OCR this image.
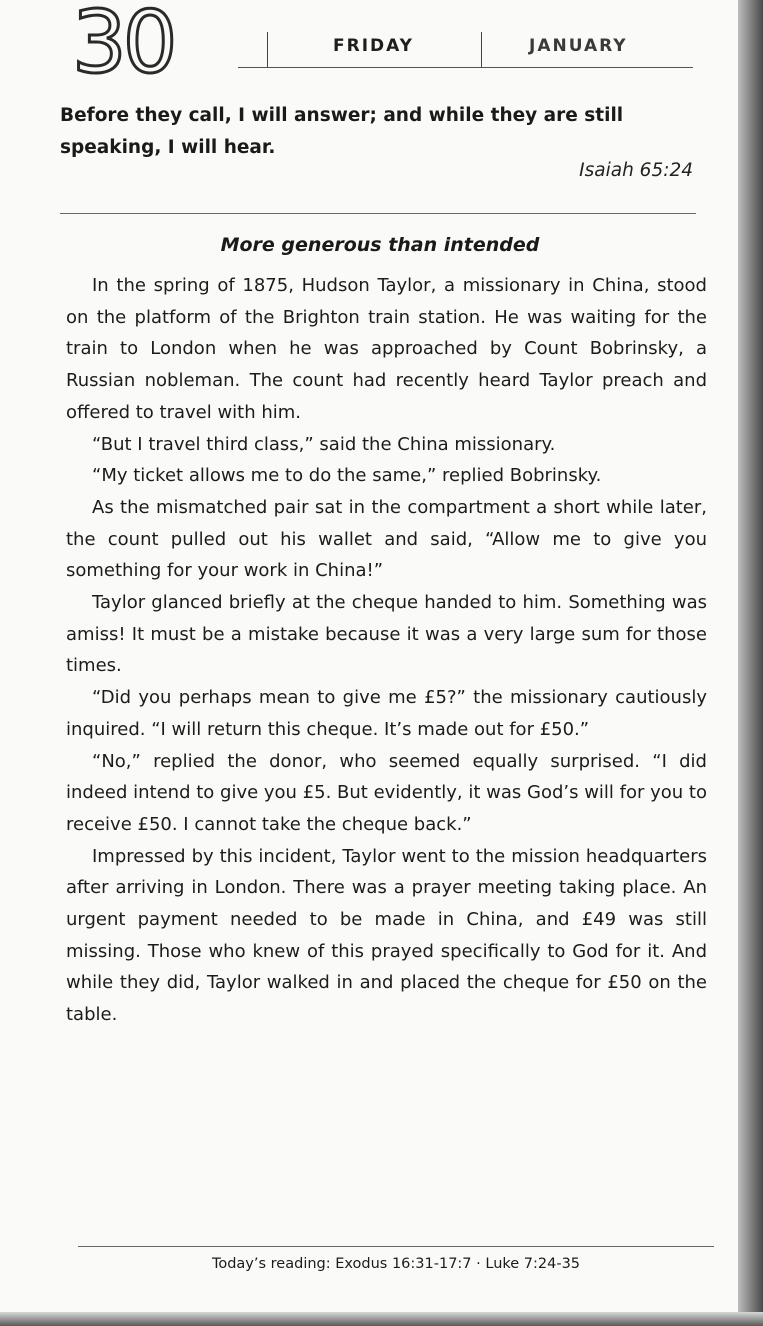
30	FRIDAY	JANUARY
Before they call, I will answer; and while they are still speaking, I will hear.
Isaiah 65:24
More generous than intended

In the spring of 1875, Hudson Taylor, a missionary in China, stood on the platform of the Brighton train station. He was waiting for the train to London when he was approached by Count Bobrinsky, a Russian nobleman. The count had recently heard Taylor preach and offered to travel with him.

“But I travel third class,” said the China missionary.

“My ticket allows me to do the same,” replied Bobrinsky.

As the mismatched pair sat in the compartment a short while later, the count pulled out his wallet and said, “Allow me to give you something for your work in China!”

Taylor glanced briefly at the cheque handed to him. Something was amiss! It must be a mistake because it was a very large sum for those times.

“Did you perhaps mean to give me £5?” the missionary cautiously inquired. “I will return this cheque. It’s made out for £50.”

“No,” replied the donor, who seemed equally surprised. “I did indeed intend to give you £5. But evidently, it was God’s will for you to receive £50. I cannot take the cheque back.”

Impressed by this incident, Taylor went to the mission headquarters after arriving in London. There was a prayer meeting taking place. An urgent payment needed to be made in China, and £49 was still missing. Those who knew of this prayed specifically to God for it. And while they did, Taylor walked in and placed the cheque for £50 on the table.

Today’s reading: Exodus 16:31-17:7 · Luke 7:24-35
